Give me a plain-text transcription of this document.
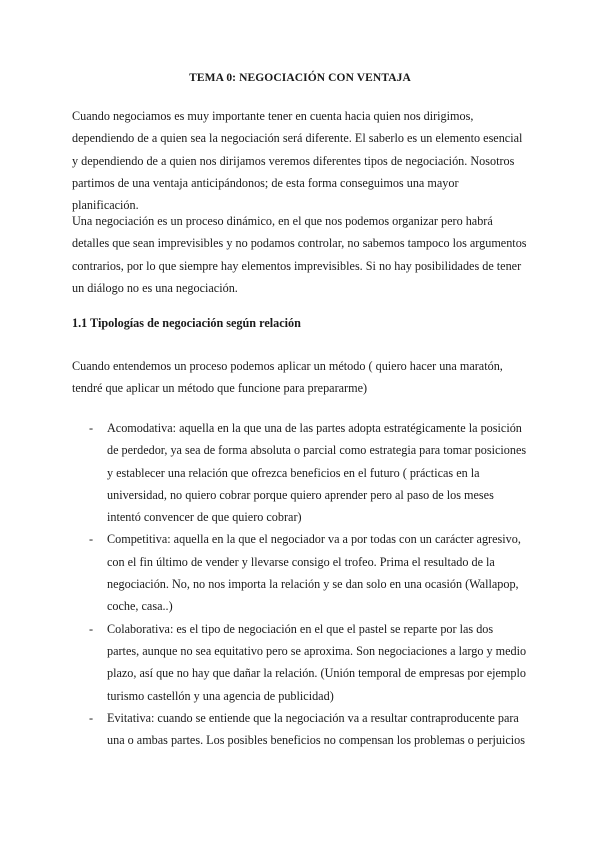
TEMA 0: NEGOCIACIÓN CON VENTAJA
Cuando negociamos es muy importante tener en cuenta hacia quien nos dirigimos, dependiendo de a quien sea la negociación será diferente. El saberlo es un elemento esencial y dependiendo de a quien nos dirijamos veremos diferentes tipos de negociación. Nosotros partimos de una ventaja anticipándonos; de esta forma conseguimos una mayor planificación.
Una negociación es un proceso dinámico, en el que nos podemos organizar pero habrá detalles que sean imprevisibles y no podamos controlar, no sabemos tampoco los argumentos contrarios, por lo que siempre hay elementos imprevisibles. Si no hay posibilidades de tener un diálogo no es una negociación.
1.1 Tipologías de negociación según relación
Cuando entendemos un proceso podemos aplicar un método ( quiero hacer una maratón, tendré que aplicar un método que funcione para prepararme)
- Acomodativa: aquella en la que una de las partes adopta estratégicamente la posición de perdedor, ya sea de forma absoluta o parcial como estrategia para tomar posiciones y establecer una relación que ofrezca beneficios en el futuro ( prácticas en la universidad, no quiero cobrar porque quiero aprender pero al paso de los meses intentó convencer de que quiero cobrar)
- Competitiva: aquella en la que el negociador va a por todas con un carácter agresivo, con el fin último de vender y llevarse consigo el trofeo. Prima el resultado de la negociación. No, no nos importa la relación y se dan solo en una ocasión (Wallapop, coche, casa..)
- Colaborativa: es el tipo de negociación en el que el pastel se reparte por las dos partes, aunque no sea equitativo pero se aproxima. Son negociaciones a largo y medio plazo, así que no hay que dañar la relación. (Unión temporal de empresas por ejemplo turismo castellón y una agencia de publicidad)
- Evitativa: cuando se entiende que la negociación va a resultar contraproducente para una o ambas partes. Los posibles beneficios no compensan los problemas o perjuicios
